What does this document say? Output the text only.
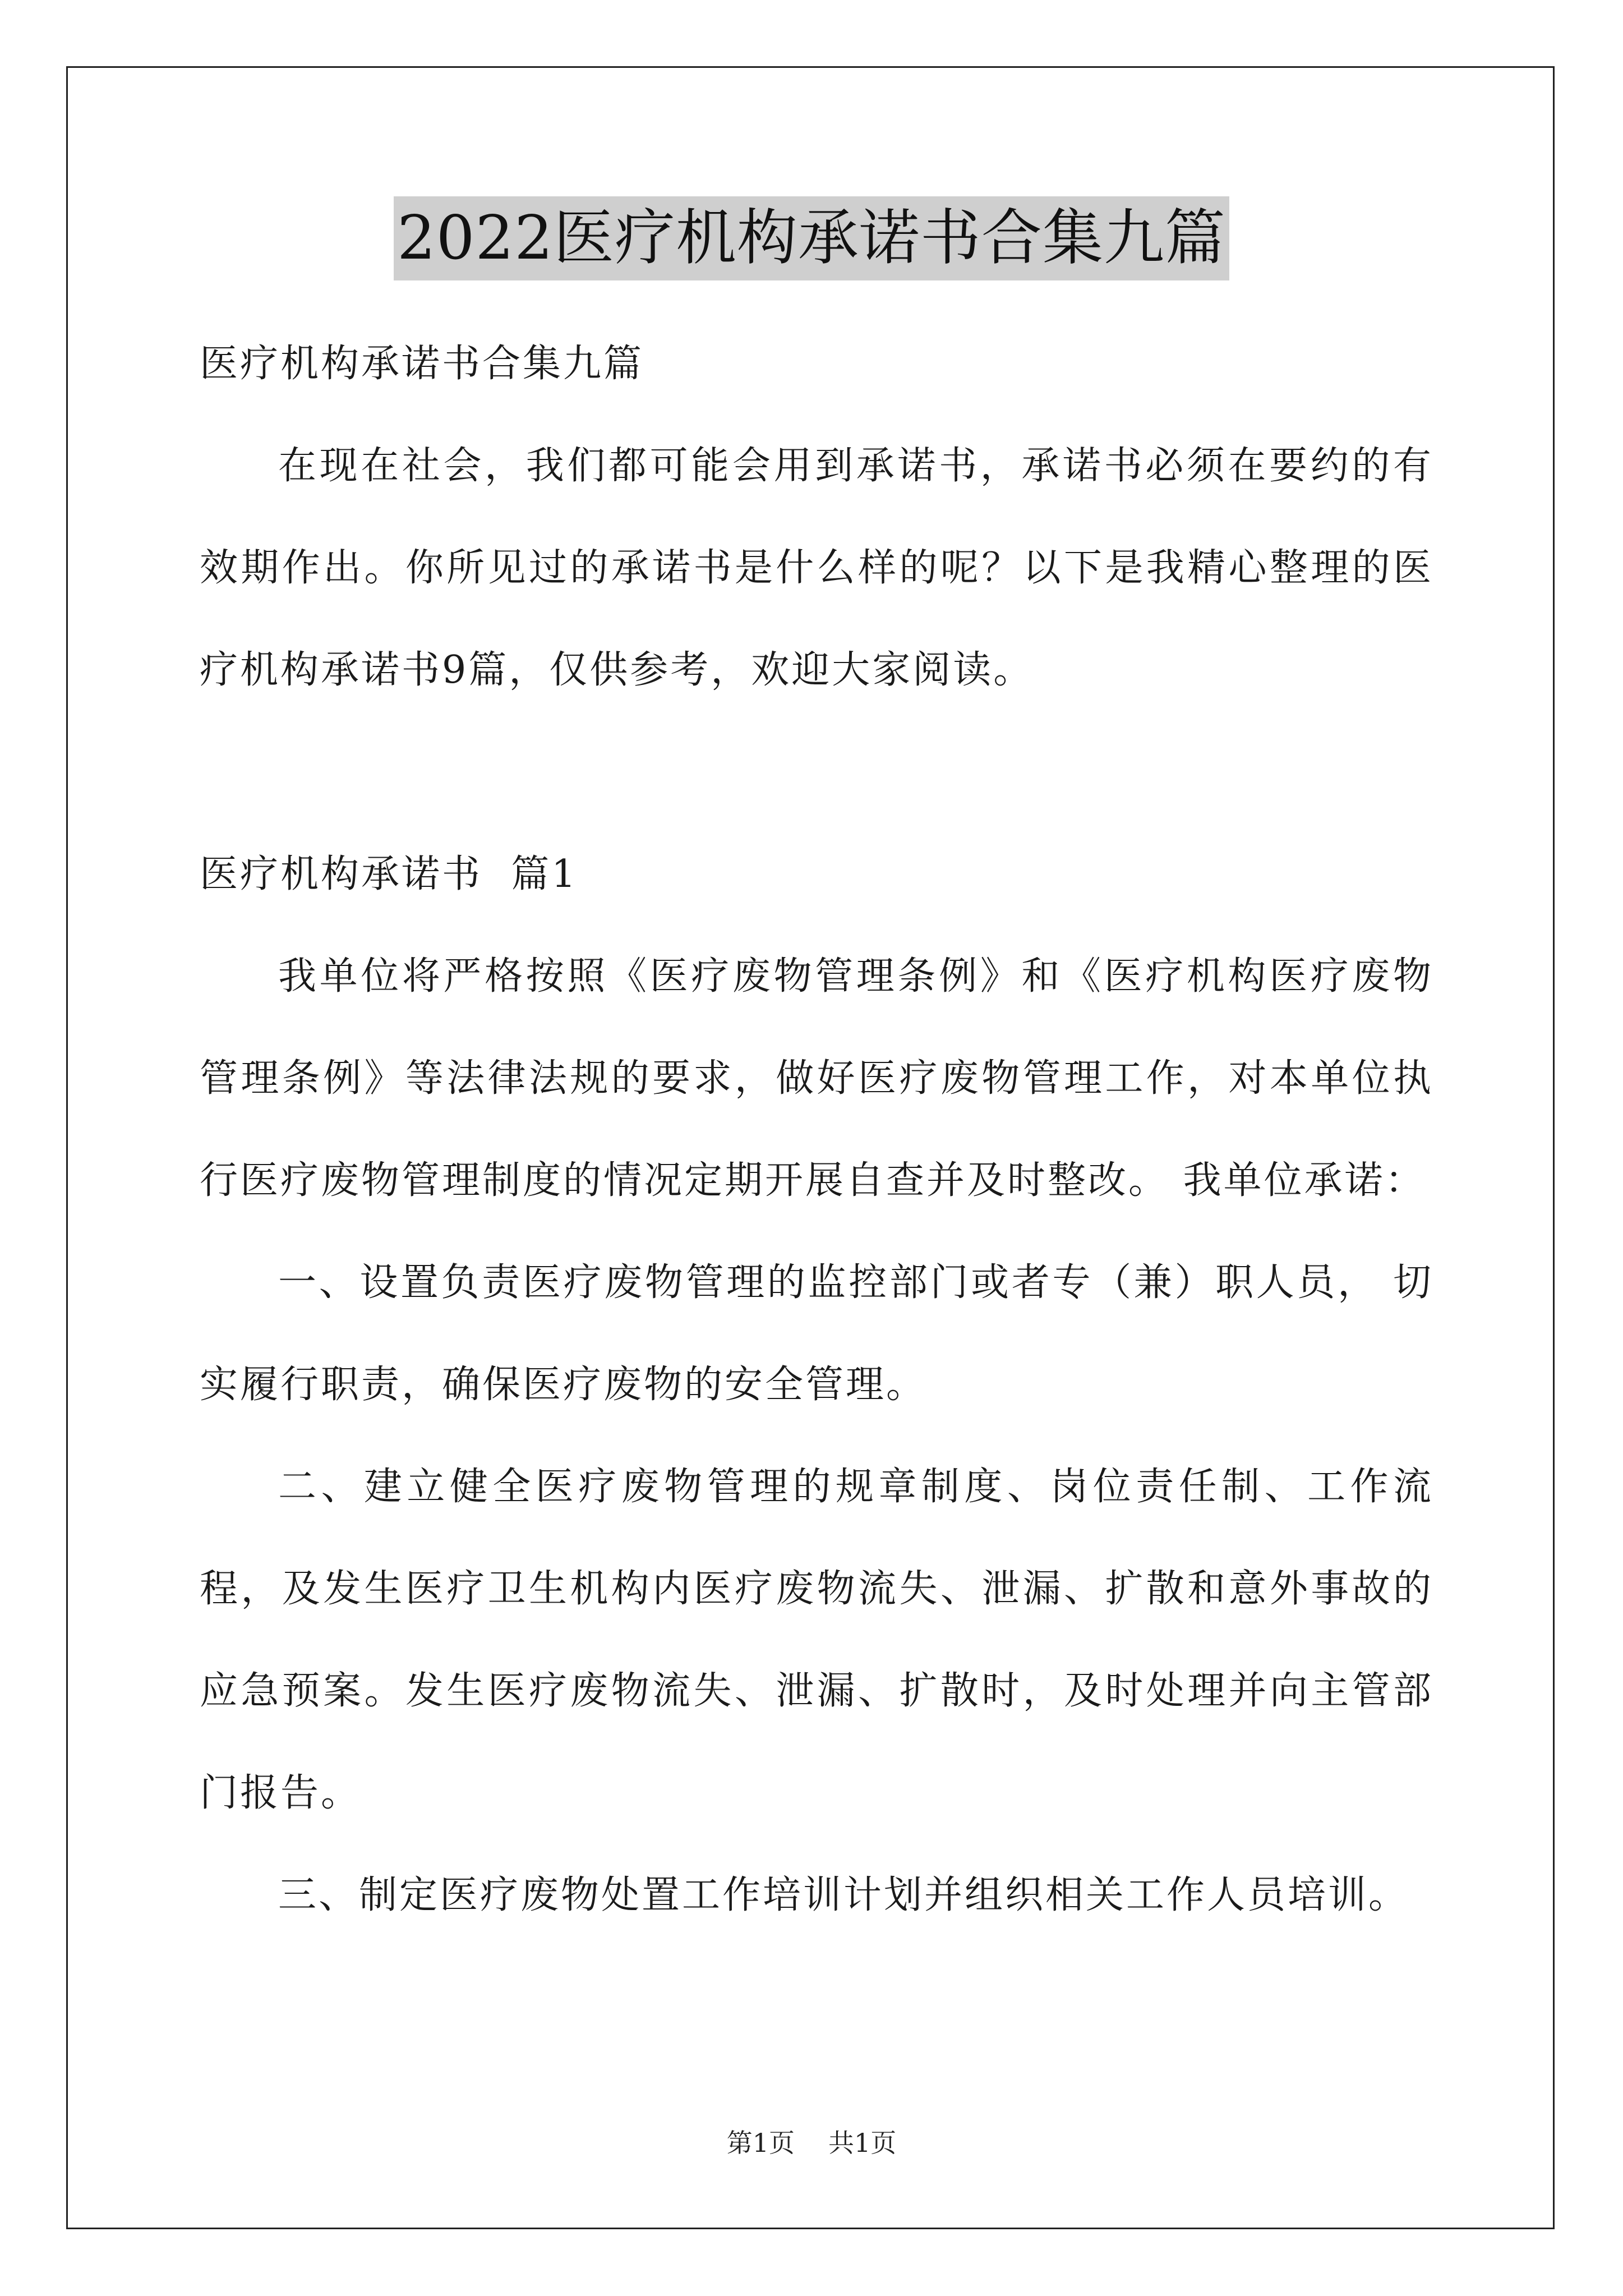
2022医疗机构承诺书合集九篇

医疗机构承诺书合集九篇

在现在社会，我们都可能会用到承诺书，承诺书必须在要约的有效期作出。你所见过的承诺书是什么样的呢？以下是我精心整理的医疗机构承诺书9篇，仅供参考，欢迎大家阅读。

医疗机构承诺书  篇1

我单位将严格按照《医疗废物管理条例》和《医疗机构医疗废物管理条例》等法律法规的要求，做好医疗废物管理工作，对本单位执行医疗废物管理制度的情况定期开展自查并及时整改。 我单位承诺：

一、设置负责医疗废物管理的监控部门或者专（兼）职人员， 切实履行职责，确保医疗废物的安全管理。

二、建立健全医疗废物管理的规章制度、岗位责任制、工作流程，及发生医疗卫生机构内医疗废物流失、泄漏、扩散和意外事故的应急预案。发生医疗废物流失、泄漏、扩散时，及时处理并向主管部门报告。

三、制定医疗废物处置工作培训计划并组织相关工作人员培训。

第1页 共1页
